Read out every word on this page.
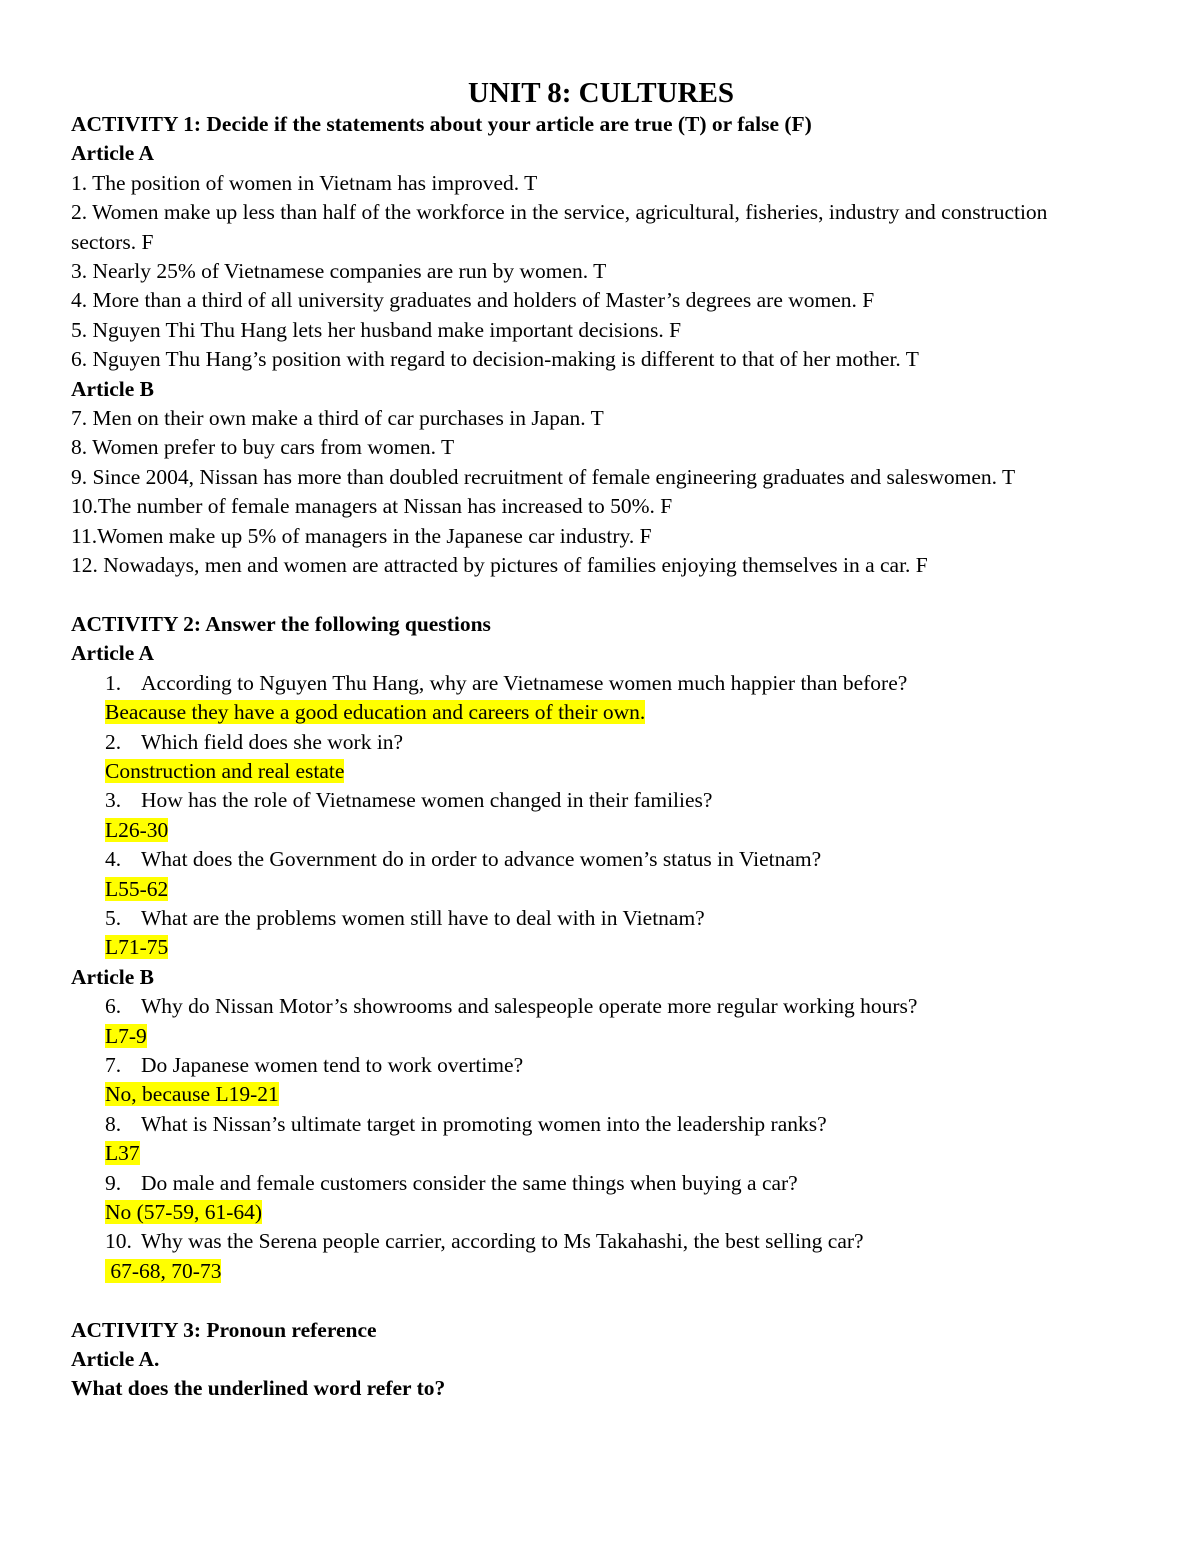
UNIT 8: CULTURES
ACTIVITY 1: Decide if the statements about your article are true (T) or false (F)
Article A
1. The position of women in Vietnam has improved. T
2. Women make up less than half of the workforce in the service, agricultural, fisheries, industry and construction sectors. F
3. Nearly 25% of Vietnamese companies are run by women. T
4. More than a third of all university graduates and holders of Master’s degrees are women. F
5. Nguyen Thi Thu Hang lets her husband make important decisions. F
6. Nguyen Thu Hang’s position with regard to decision-making is different to that of her mother. T
Article B
7. Men on their own make a third of car purchases in Japan. T
8. Women prefer to buy cars from women. T
9. Since 2004, Nissan has more than doubled recruitment of female engineering graduates and saleswomen. T
10.The number of female managers at Nissan has increased to 50%. F
11.Women make up 5% of managers in the Japanese car industry. F
12. Nowadays, men and women are attracted by pictures of families enjoying themselves in a car. F
ACTIVITY 2: Answer the following questions
Article A
1. According to Nguyen Thu Hang, why are Vietnamese women much happier than before?
Beacause they have a good education and careers of their own.
2. Which field does she work in?
Construction and real estate
3. How has the role of Vietnamese women changed in their families?
L26-30
4. What does the Government do in order to advance women’s status in Vietnam?
L55-62
5. What are the problems women still have to deal with in Vietnam?
L71-75
Article B
6. Why do Nissan Motor’s showrooms and salespeople operate more regular working hours?
L7-9
7. Do Japanese women tend to work overtime?
No, because L19-21
8. What is Nissan’s ultimate target in promoting women into the leadership ranks?
L37
9. Do male and female customers consider the same things when buying a car?
No (57-59, 61-64)
10. Why was the Serena people carrier, according to Ms Takahashi, the best selling car?
67-68, 70-73
ACTIVITY 3: Pronoun reference
Article A.
What does the underlined word refer to?
